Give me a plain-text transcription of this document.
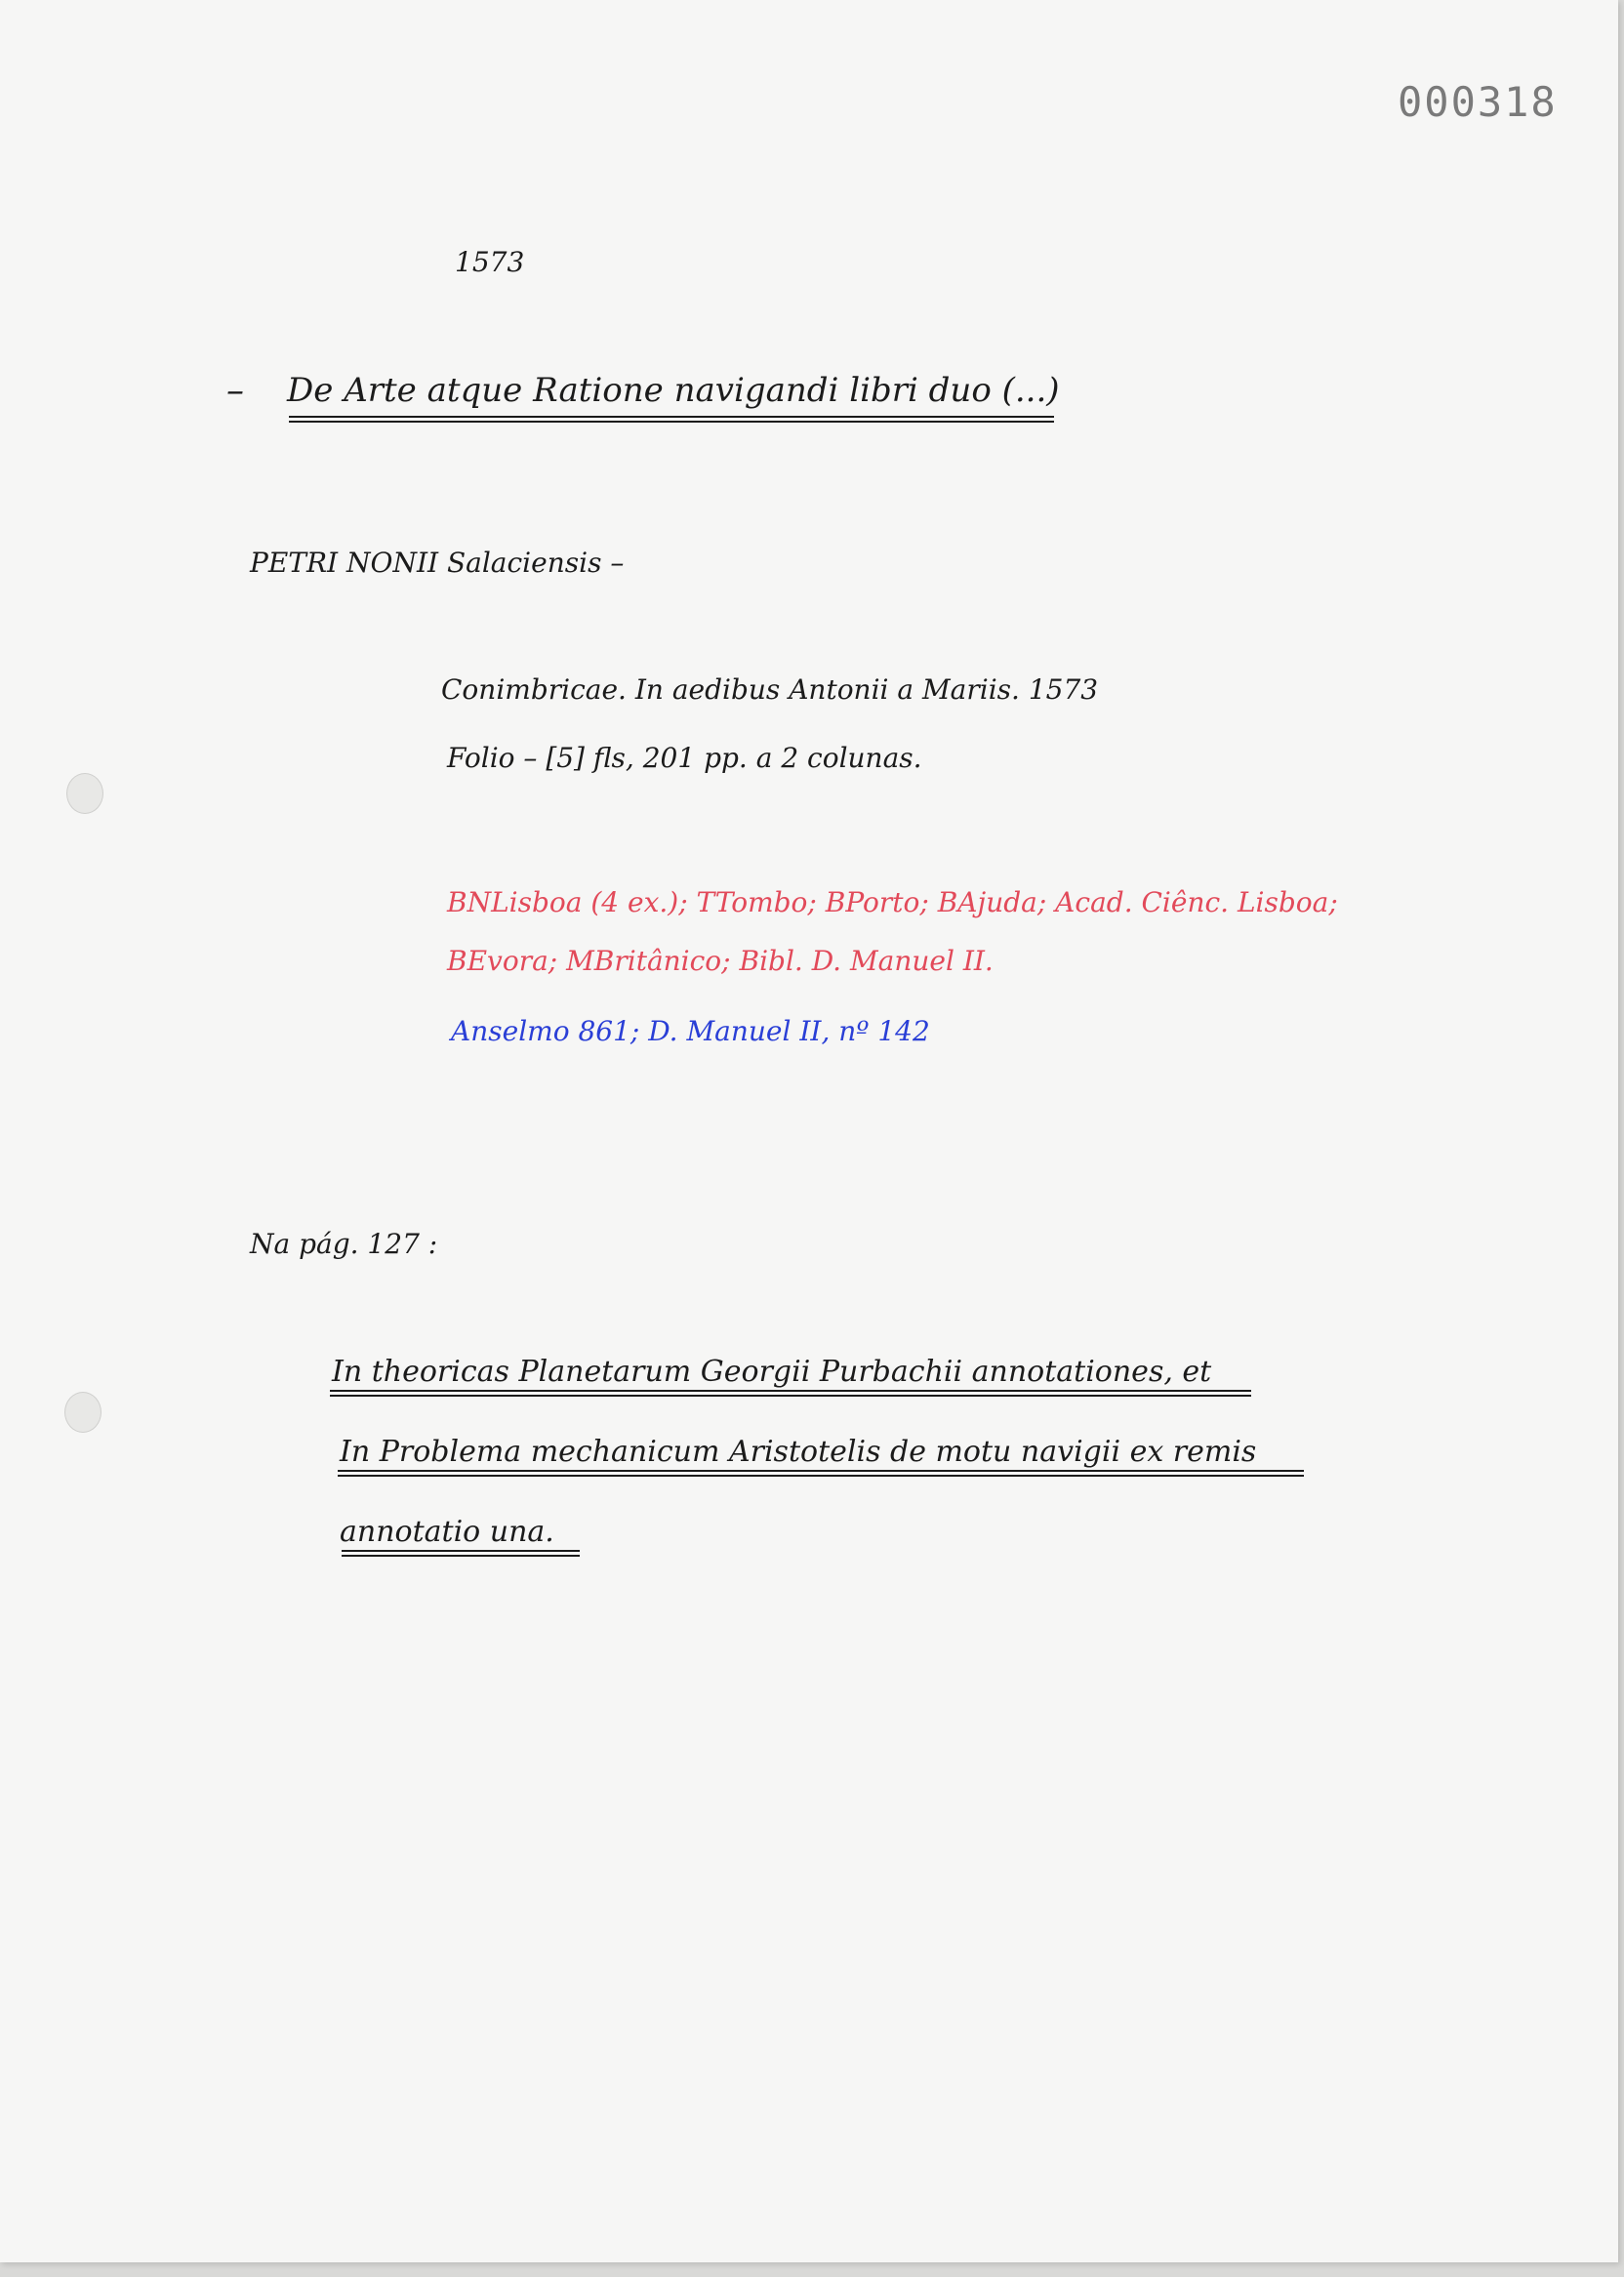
000318
1573
– De Arte atque Ratione navigandi libri duo (...)
PETRI NONII Salaciensis –
Conimbricae. In aedibus Antonii a Mariis. 1573
Folio – [5] fls, 201 pp. a 2 colunas.
BNLisboa (4 ex.); TTombo; BPorto; BAjuda; Acad. Ciênc. Lisboa;
BEvora; MBritânico; Bibl. D. Manuel II.
Anselmo 861; D. Manuel II, nº 142
Na pág. 127 :
In theoricas Planetarum Georgii Purbachii annotationes, et
In Problema mechanicum Aristotelis de motu navigii ex remis
annotatio una.
